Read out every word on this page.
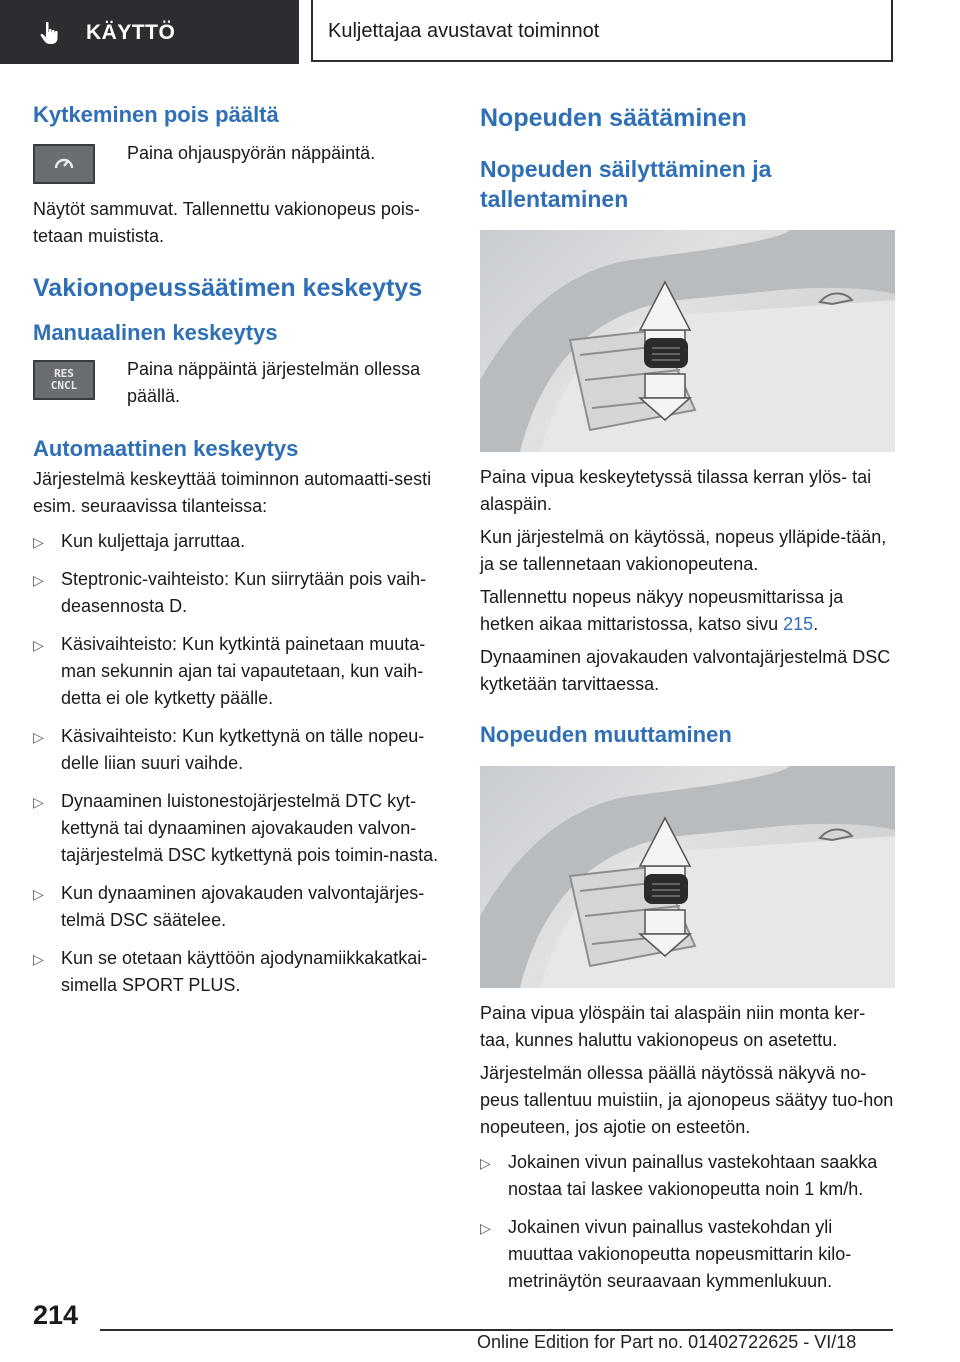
KÄYTTÖ	Kuljettajaa avustavat toiminnot
Kytkeminen pois päältä

Paina ohjauspyörän näppäintä.

Näytöt sammuvat. Tallennettu vakionopeus pois-tetaan muistista.

Vakionopeussäätimen keskeytys
Manuaalinen keskeytys
RES
CNCL

Paina näppäintä järjestelmän ollessa päällä.

Automaattinen keskeytys

Järjestelmä keskeyttää toiminnon automaatti-sesti esim. seuraavissa tilanteissa:

▷ Kun kuljettaja jarruttaa.
▷ Steptronic-vaihteisto: Kun siirrytään pois vaih-deasennosta D.
▷ Käsivaihteisto: Kun kytkintä painetaan muuta-man sekunnin ajan tai vapautetaan, kun vaih-detta ei ole kytketty päälle.
▷ Käsivaihteisto: Kun kytkettynä on tälle nopeu-delle liian suuri vaihde.
▷ Dynaaminen luistonestojärjestelmä DTC kyt-kettynä tai dynaaminen ajovakauden valvon-tajärjestelmä DSC kytkettynä pois toimin-nasta.
▷ Kun dynaaminen ajovakauden valvontajärjes-telmä DSC säätelee.
▷ Kun se otetaan käyttöön ajodynamiikkakatkai-simella SPORT PLUS.
Nopeuden säätäminen
Nopeuden säilyttäminen ja tallentaminen

Paina vipua keskeytetyssä tilassa kerran ylös- tai alaspäin.

Kun järjestelmä on käytössä, nopeus ylläpide-tään, ja se tallennetaan vakionopeutena.

Tallennettu nopeus näkyy nopeusmittarissa ja hetken aikaa mittaristossa, katso sivu 215.

Dynaaminen ajovakauden valvontajärjestelmä DSC kytketään tarvittaessa.

Nopeuden muuttaminen

Paina vipua ylöspäin tai alaspäin niin monta ker-taa, kunnes haluttu vakionopeus on asetettu.

Järjestelmän ollessa päällä näytössä näkyvä no-peus tallentuu muistiin, ja ajonopeus säätyy tuo-hon nopeuteen, jos ajotie on esteetön.

▷ Jokainen vivun painallus vastekohtaan saakka nostaa tai laskee vakionopeutta noin 1 km/h.
▷ Jokainen vivun painallus vastekohdan yli muuttaa vakionopeutta nopeusmittarin kilo-metrinäytön seuraavaan kymmenlukuun.
214
Online Edition for Part no. 01402722625 - VI/18
